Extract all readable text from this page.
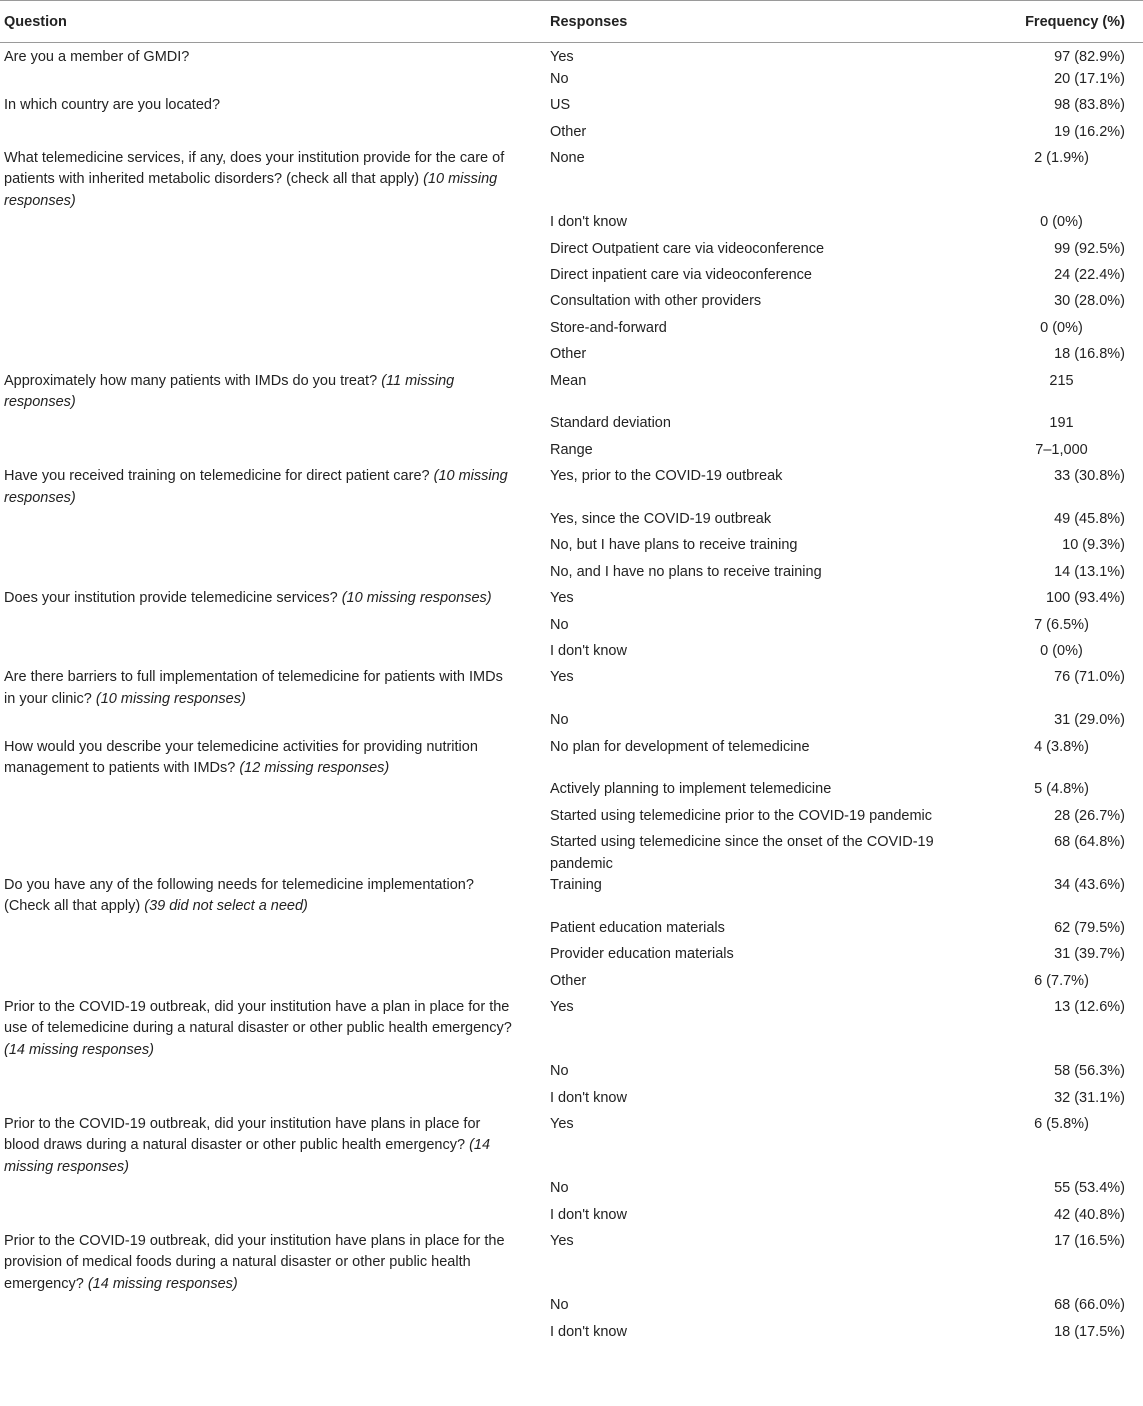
Question	Responses	Frequency (%)
Are you a member of GMDI?	Yes	97 (82.9%)
	No	20 (17.1%)
In which country are you located?	US	98 (83.8%)
	Other	19 (16.2%)
What telemedicine services, if any, does your institution provide for the care of patients with inherited metabolic disorders? (check all that apply) (10 missing responses)	None	2 (1.9%)
	I don't know	0 (0%)
	Direct Outpatient care via videoconference	99 (92.5%)
	Direct inpatient care via videoconference	24 (22.4%)
	Consultation with other providers	30 (28.0%)
	Store-and-forward	0 (0%)
	Other	18 (16.8%)
Approximately how many patients with IMDs do you treat? (11 missing responses)	Mean	215
	Standard deviation	191
	Range	7–1,000
Have you received training on telemedicine for direct patient care? (10 missing responses)	Yes, prior to the COVID-19 outbreak	33 (30.8%)
	Yes, since the COVID-19 outbreak	49 (45.8%)
	No, but I have plans to receive training	10 (9.3%)
	No, and I have no plans to receive training	14 (13.1%)
Does your institution provide telemedicine services? (10 missing responses)	Yes	100 (93.4%)
	No	7 (6.5%)
	I don't know	0 (0%)
Are there barriers to full implementation of telemedicine for patients with IMDs in your clinic? (10 missing responses)	Yes	76 (71.0%)
	No	31 (29.0%)
How would you describe your telemedicine activities for providing nutrition management to patients with IMDs? (12 missing responses)	No plan for development of telemedicine	4 (3.8%)
	Actively planning to implement telemedicine	5 (4.8%)
	Started using telemedicine prior to the COVID-19 pandemic	28 (26.7%)
	Started using telemedicine since the onset of the COVID-19 pandemic	68 (64.8%)
Do you have any of the following needs for telemedicine implementation? (Check all that apply) (39 did not select a need)	Training	34 (43.6%)
	Patient education materials	62 (79.5%)
	Provider education materials	31 (39.7%)
	Other	6 (7.7%)
Prior to the COVID-19 outbreak, did your institution have a plan in place for the use of telemedicine during a natural disaster or other public health emergency? (14 missing responses)	Yes	13 (12.6%)
	No	58 (56.3%)
	I don't know	32 (31.1%)
Prior to the COVID-19 outbreak, did your institution have plans in place for blood draws during a natural disaster or other public health emergency? (14 missing responses)	Yes	6 (5.8%)
	No	55 (53.4%)
	I don't know	42 (40.8%)
Prior to the COVID-19 outbreak, did your institution have plans in place for the provision of medical foods during a natural disaster or other public health emergency? (14 missing responses)	Yes	17 (16.5%)
	No	68 (66.0%)
	I don't know	18 (17.5%)
